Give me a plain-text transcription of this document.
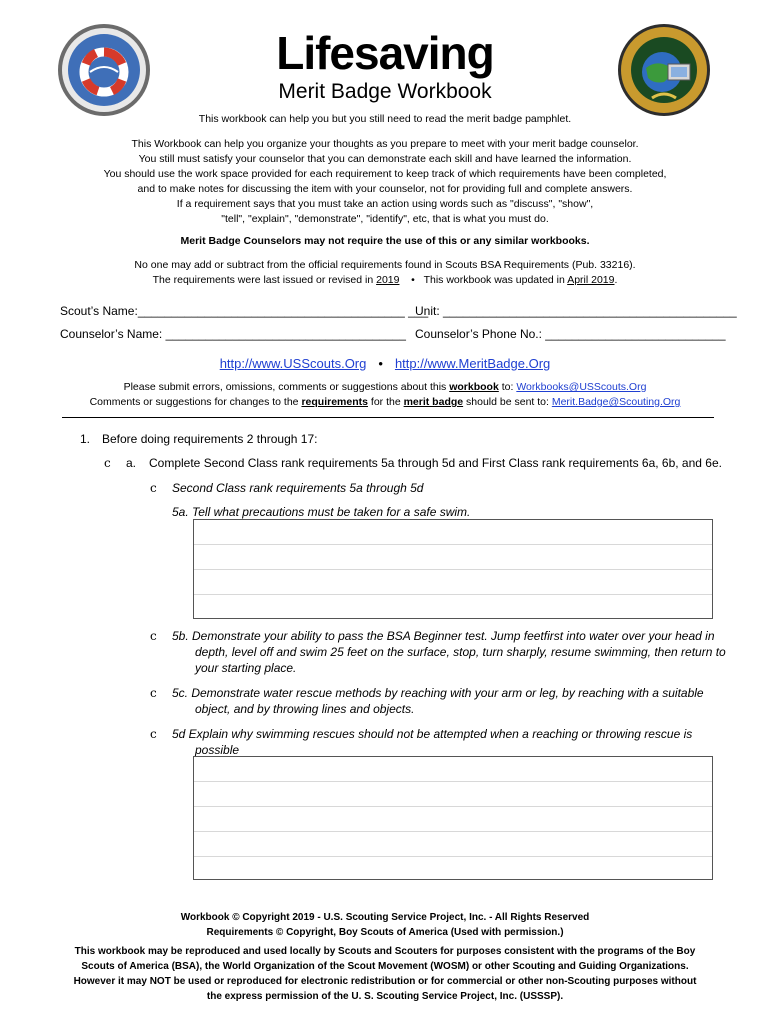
Lifesaving
Merit Badge Workbook
This workbook can help you but you still need to read the merit badge pamphlet.
This Workbook can help you organize your thoughts as you prepare to meet with your merit badge counselor.
You still must satisfy your counselor that you can demonstrate each skill and have learned the information.
You should use the work space provided for each requirement to keep track of which requirements have been completed,
and to make notes for discussing the item with your counselor, not for providing full and complete answers.
If a requirement says that you must take an action using words such as "discuss", "show",
"tell", "explain", "demonstrate", "identify", etc, that is what you must do.
Merit Badge Counselors may not require the use of this or any similar workbooks.
No one may add or subtract from the official requirements found in Scouts BSA Requirements (Pub. 33216).
The requirements were last issued or revised in 2019 • This workbook was updated in April 2019.
Scout’s Name:________________________________________ ___
Unit: ____________________________________________
Counselor’s Name: ____________________________________ Counselor’s Phone No.: ___________________________
http://www.USScouts.Org • http://www.MeritBadge.Org
Please submit errors, omissions, comments or suggestions about this workbook to: Workbooks@USScouts.Org
Comments or suggestions for changes to the requirements for the merit badge should be sent to: Merit.Badge@Scouting.Org
1. Before doing requirements 2 through 17:
c a. Complete Second Class rank requirements 5a through 5d and First Class rank requirements 6a, 6b, and 6e.
c Second Class rank requirements 5a through 5d
5a. Tell what precautions must be taken for a safe swim.
c 5b. Demonstrate your ability to pass the BSA Beginner test. Jump feetfirst into water over your head in
depth, level off and swim 25 feet on the surface, stop, turn sharply, resume swimming, then return to
your starting place.
c 5c. Demonstrate water rescue methods by reaching with your arm or leg, by reaching with a suitable
object, and by throwing lines and objects.
c 5d Explain why swimming rescues should not be attempted when a reaching or throwing rescue is
possible
Workbook © Copyright 2019 - U.S. Scouting Service Project, Inc. - All Rights Reserved
Requirements © Copyright, Boy Scouts of America (Used with permission.)
This workbook may be reproduced and used locally by Scouts and Scouters for purposes consistent with the programs of the Boy
Scouts of America (BSA), the World Organization of the Scout Movement (WOSM) or other Scouting and Guiding Organizations.
However it may NOT be used or reproduced for electronic redistribution or for commercial or other non-Scouting purposes without
the express permission of the U. S. Scouting Service Project, Inc. (USSSP).
